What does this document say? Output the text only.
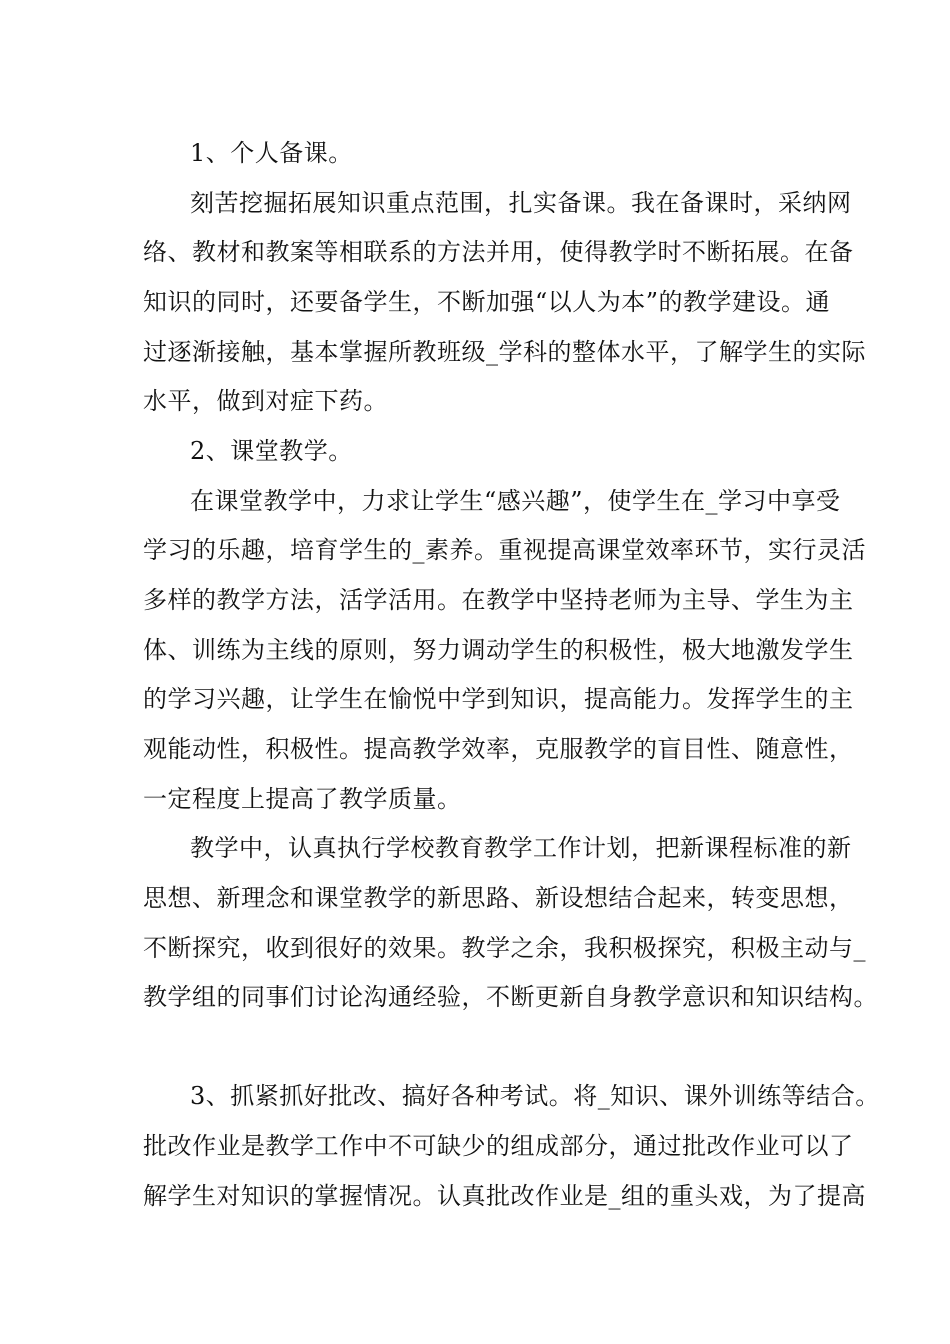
1、个人备课。
刻苦挖掘拓展知识重点范围，扎实备课。我在备课时，采纳网
络、教材和教案等相联系的方法并用，使得教学时不断拓展。在备
知识的同时，还要备学生，不断加强“以人为本”的教学建设。通
过逐渐接触，基本掌握所教班级_学科的整体水平，了解学生的实际
水平，做到对症下药。
2、课堂教学。
在课堂教学中，力求让学生“感兴趣”，使学生在_学习中享受
学习的乐趣，培育学生的_素养。重视提高课堂效率环节，实行灵活
多样的教学方法，活学活用。在教学中坚持老师为主导、学生为主
体、训练为主线的原则，努力调动学生的积极性，极大地激发学生
的学习兴趣，让学生在愉悦中学到知识，提高能力。发挥学生的主
观能动性，积极性。提高教学效率，克服教学的盲目性、随意性，
一定程度上提高了教学质量。
教学中，认真执行学校教育教学工作计划，把新课程标准的新
思想、新理念和课堂教学的新思路、新设想结合起来，转变思想，
不断探究，收到很好的效果。教学之余，我积极探究，积极主动与_
教学组的同事们讨论沟通经验，不断更新自身教学意识和知识结构。
3、抓紧抓好批改、搞好各种考试。将_知识、课外训练等结合。
批改作业是教学工作中不可缺少的组成部分，通过批改作业可以了
解学生对知识的掌握情况。认真批改作业是_组的重头戏，为了提高
